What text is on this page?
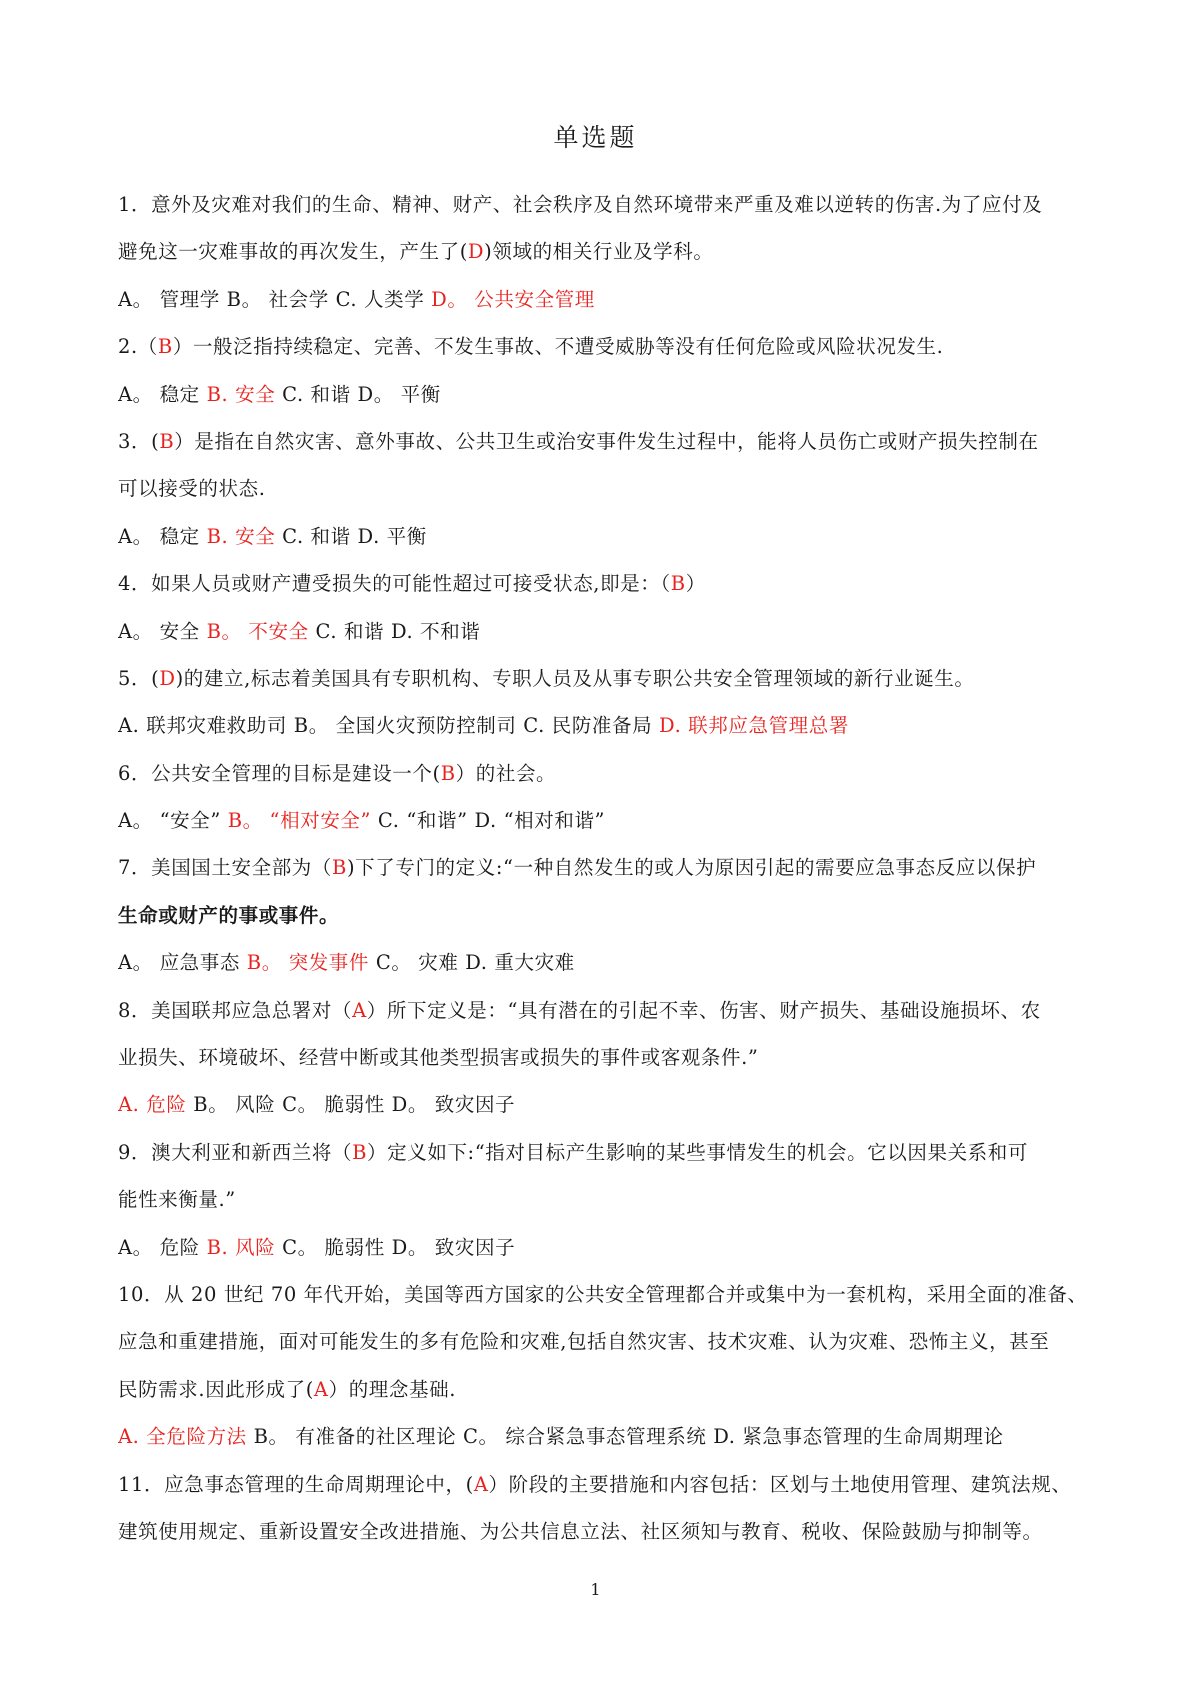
单选题
1．意外及灾难对我们的生命、精神、财产、社会秩序及自然环境带来严重及难以逆转的伤害.为了应付及
避免这一灾难事故的再次发生，产生了(D)领域的相关行业及学科。
A。 管理学 B。 社会学 C. 人类学 D。 公共安全管理
2.（B）一般泛指持续稳定、完善、不发生事故、不遭受威胁等没有任何危险或风险状况发生.
A。 稳定 B. 安全 C. 和谐 D。 平衡
3．(B）是指在自然灾害、意外事故、公共卫生或治安事件发生过程中，能将人员伤亡或财产损失控制在
可以接受的状态.
A。 稳定 B. 安全 C. 和谐 D. 平衡
4．如果人员或财产遭受损失的可能性超过可接受状态,即是：（B）
A。 安全 B。 不安全 C. 和谐 D. 不和谐
5．(D)的建立,标志着美国具有专职机构、专职人员及从事专职公共安全管理领域的新行业诞生。
A. 联邦灾难救助司 B。 全国火灾预防控制司 C. 民防准备局 D. 联邦应急管理总署
6．公共安全管理的目标是建设一个(B）的社会。
A。 “安全” B。 “相对安全” C. “和谐” D. “相对和谐”
7．美国国土安全部为（B)下了专门的定义:“一种自然发生的或人为原因引起的需要应急事态反应以保护
生命或财产的事或事件。
A。 应急事态 B。 突发事件 C。 灾难 D. 重大灾难
8．美国联邦应急总署对（A）所下定义是：“具有潜在的引起不幸、伤害、财产损失、基础设施损坏、农
业损失、环境破坏、经营中断或其他类型损害或损失的事件或客观条件.”
A. 危险 B。 风险 C。 脆弱性 D。 致灾因子
9．澳大利亚和新西兰将（B）定义如下:“指对目标产生影响的某些事情发生的机会。它以因果关系和可
能性来衡量.”
A。 危险 B. 风险 C。 脆弱性 D。 致灾因子
10．从 20 世纪 70 年代开始，美国等西方国家的公共安全管理都合并或集中为一套机构，采用全面的准备、
应急和重建措施，面对可能发生的多有危险和灾难,包括自然灾害、技术灾难、认为灾难、恐怖主义，甚至
民防需求.因此形成了(A）的理念基础.
A. 全危险方法 B。 有准备的社区理论 C。 综合紧急事态管理系统 D. 紧急事态管理的生命周期理论
11．应急事态管理的生命周期理论中，(A）阶段的主要措施和内容包括：区划与土地使用管理、建筑法规、
建筑使用规定、重新设置安全改进措施、为公共信息立法、社区须知与教育、税收、保险鼓励与抑制等。
1
